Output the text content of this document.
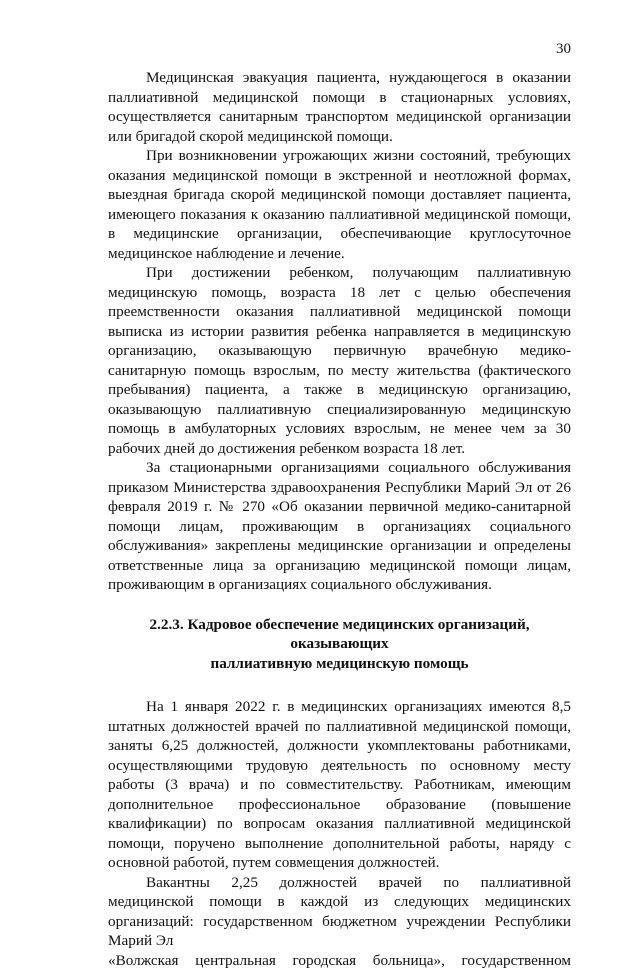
30

Медицинская эвакуация пациента, нуждающегося в оказании паллиативной медицинской помощи в стационарных условиях, осуществляется санитарным транспортом медицинской организации или бригадой скорой медицинской помощи.

При возникновении угрожающих жизни состояний, требующих оказания медицинской помощи в экстренной и неотложной формах, выездная бригада скорой медицинской помощи доставляет пациента, имеющего показания к оказанию паллиативной медицинской помощи, в медицинские организации, обеспечивающие круглосуточное медицинское наблюдение и лечение.

При достижении ребенком, получающим паллиативную медицинскую помощь, возраста 18 лет с целью обеспечения преемственности оказания паллиативной медицинской помощи выписка из истории развития ребенка направляется в медицинскую организацию, оказывающую первичную врачебную медико-санитарную помощь взрослым, по месту жительства (фактического пребывания) пациента, а также в медицинскую организацию, оказывающую паллиативную специализированную медицинскую помощь в амбулаторных условиях взрослым, не менее чем за 30 рабочих дней до достижения ребенком возраста 18 лет.

За стационарными организациями социального обслуживания приказом Министерства здравоохранения Республики Марий Эл от 26 февраля 2019 г. № 270 «Об оказании первичной медико-санитарной помощи лицам, проживающим в организациях социального обслуживания» закреплены медицинские организации и определены ответственные лица за организацию медицинской помощи лицам, проживающим в организациях социального обслуживания.

2.2.3. Кадровое обеспечение медицинских организаций, оказывающих
паллиативную медицинскую помощь

На 1 января 2022 г. в медицинских организациях имеются 8,5 штатных должностей врачей по паллиативной медицинской помощи, заняты 6,25 должностей, должности укомплектованы работниками, осуществляющими трудовую деятельность по основному месту работы (3 врача) и по совместительству. Работникам, имеющим дополнительное профессиональное образование (повышение квалификации) по вопросам оказания паллиативной медицинской помощи, поручено выполнение дополнительной работы, наряду с основной работой, путем совмещения должностей.

Вакантны 2,25 должностей врачей по паллиативной медицинской помощи в каждой из следующих медицинских организаций: государственном бюджетном учреждении Республики Марий Эл

«Волжская центральная городская больница», государственном
